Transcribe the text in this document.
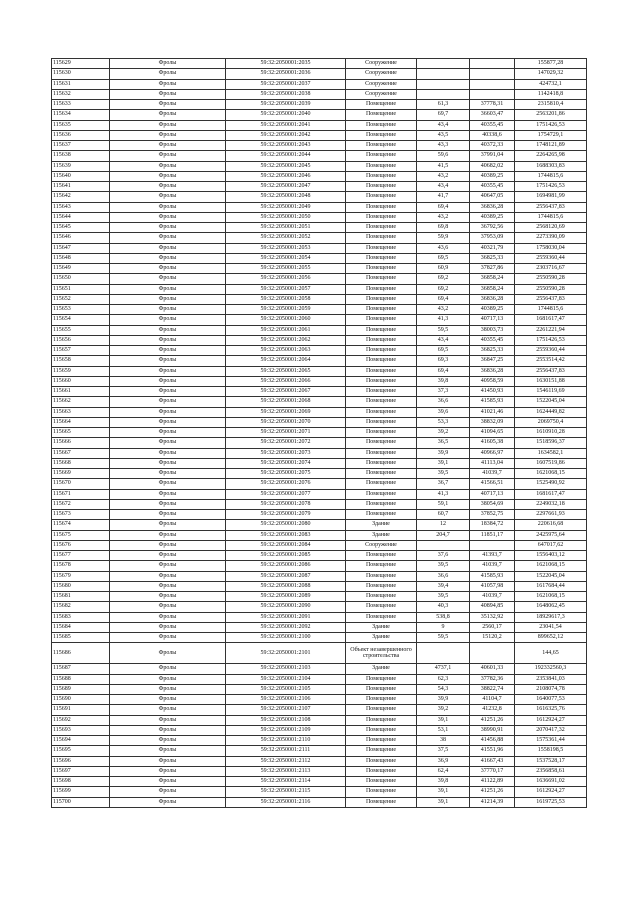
115629	Фролы	59:32:2050001:2035	Сооружение			155877,28
115630	Фролы	59:32:2050001:2036	Сооружение			147029,32
115631	Фролы	59:32:2050001:2037	Сооружение			424732,1
115632	Фролы	59:32:2050001:2038	Сооружение			1142418,8
115633	Фролы	59:32:2050001:2039	Помещение	61,3	37778,31	2315810,4
115634	Фролы	59:32:2050001:2040	Помещение	69,7	36603,47	2563201,86
115635	Фролы	59:32:2050001:2041	Помещение	43,4	40355,45	1751426,53
115636	Фролы	59:32:2050001:2042	Помещение	43,5	40338,6	1754729,1
115637	Фролы	59:32:2050001:2043	Помещение	43,3	40372,33	1748121,89
115638	Фролы	59:32:2050001:2044	Помещение	59,6	37991,04	2264265,98
115639	Фролы	59:32:2050001:2045	Помещение	41,5	40682,02	1688303,83
115640	Фролы	59:32:2050001:2046	Помещение	43,2	40389,25	1744815,6
115641	Фролы	59:32:2050001:2047	Помещение	43,4	40355,45	1751426,53
115642	Фролы	59:32:2050001:2048	Помещение	41,7	40647,05	1694981,99
115643	Фролы	59:32:2050001:2049	Помещение	69,4	36836,28	2556437,83
115644	Фролы	59:32:2050001:2050	Помещение	43,2	40389,25	1744815,6
115645	Фролы	59:32:2050001:2051	Помещение	69,8	36792,56	2568120,69
115646	Фролы	59:32:2050001:2052	Помещение	59,9	37953,09	2273390,09
115647	Фролы	59:32:2050001:2053	Помещение	43,6	40321,79	1758030,04
115648	Фролы	59:32:2050001:2054	Помещение	69,5	36825,33	2559360,44
115649	Фролы	59:32:2050001:2055	Помещение	60,9	37827,86	2303716,67
115650	Фролы	59:32:2050001:2056	Помещение	69,2	36858,24	2550590,28
115651	Фролы	59:32:2050001:2057	Помещение	69,2	36858,24	2550590,28
115652	Фролы	59:32:2050001:2058	Помещение	69,4	36836,28	2556437,83
115653	Фролы	59:32:2050001:2059	Помещение	43,2	40389,25	1744815,6
115654	Фролы	59:32:2050001:2060	Помещение	41,3	40717,13	1681617,47
115655	Фролы	59:32:2050001:2061	Помещение	59,5	38003,73	2261221,94
115656	Фролы	59:32:2050001:2062	Помещение	43,4	40355,45	1751426,53
115657	Фролы	59:32:2050001:2063	Помещение	69,5	36825,33	2559360,44
115658	Фролы	59:32:2050001:2064	Помещение	69,3	36847,25	2553514,42
115659	Фролы	59:32:2050001:2065	Помещение	69,4	36836,28	2556437,83
115660	Фролы	59:32:2050001:2066	Помещение	39,8	40958,59	1630151,88
115661	Фролы	59:32:2050001:2067	Помещение	37,3	41450,93	1546119,69
115662	Фролы	59:32:2050001:2068	Помещение	36,6	41585,93	1522045,04
115663	Фролы	59:32:2050001:2069	Помещение	39,6	41021,46	1624449,82
115664	Фролы	59:32:2050001:2070	Помещение	53,3	38832,09	2069750,4
115665	Фролы	59:32:2050001:2071	Помещение	39,2	41094,65	1610910,28
115666	Фролы	59:32:2050001:2072	Помещение	36,5	41605,38	1518596,37
115667	Фролы	59:32:2050001:2073	Помещение	39,9	40966,97	1634582,1
115668	Фролы	59:32:2050001:2074	Помещение	39,1	41113,04	1607519,86
115669	Фролы	59:32:2050001:2075	Помещение	39,5	41039,7	1621068,15
115670	Фролы	59:32:2050001:2076	Помещение	36,7	41566,51	1525490,92
115671	Фролы	59:32:2050001:2077	Помещение	41,3	40717,13	1681617,47
115672	Фролы	59:32:2050001:2078	Помещение	59,1	38054,69	2249032,18
115673	Фролы	59:32:2050001:2079	Помещение	60,7	37852,75	2297661,93
115674	Фролы	59:32:2050001:2080	Здание	12	18384,72	220616,68
115675	Фролы	59:32:2050001:2083	Здание	204,7	11851,17	2425975,64
115676	Фролы	59:32:2050001:2084	Сооружение			647017,62
115677	Фролы	59:32:2050001:2085	Помещение	37,6	41393,7	1556403,12
115678	Фролы	59:32:2050001:2086	Помещение	39,5	41039,7	1621068,15
115679	Фролы	59:32:2050001:2087	Помещение	36,6	41585,93	1522045,04
115680	Фролы	59:32:2050001:2088	Помещение	39,4	41057,98	1617684,44
115681	Фролы	59:32:2050001:2089	Помещение	39,5	41039,7	1621068,15
115682	Фролы	59:32:2050001:2090	Помещение	40,3	40894,85	1648062,45
115683	Фролы	59:32:2050001:2091	Помещение	538,8	35132,92	18929617,3
115684	Фролы	59:32:2050001:2092	Здание	9	2560,17	23041,54
115685	Фролы	59:32:2050001:2100	Здание	59,5	15120,2	899652,12
115686	Фролы	59:32:2050001:2101	Объект незавершенного строительства			144,65
115687	Фролы	59:32:2050001:2103	Здание	4737,1	40601,33	192332560,3
115688	Фролы	59:32:2050001:2104	Помещение	62,3	37782,36	2353841,03
115689	Фролы	59:32:2050001:2105	Помещение	54,3	38822,74	2108074,78
115690	Фролы	59:32:2050001:2106	Помещение	39,9	41104,7	1640077,53
115691	Фролы	59:32:2050001:2107	Помещение	39,2	41232,8	1616325,76
115692	Фролы	59:32:2050001:2108	Помещение	39,1	41251,26	1612924,27
115693	Фролы	59:32:2050001:2109	Помещение	53,1	38990,91	2070417,32
115694	Фролы	59:32:2050001:2110	Помещение	38	41456,88	1575361,44
115695	Фролы	59:32:2050001:2111	Помещение	37,5	41551,96	1558198,5
115696	Фролы	59:32:2050001:2112	Помещение	36,9	41667,43	1537528,17
115697	Фролы	59:32:2050001:2113	Помещение	62,4	37770,17	2356858,61
115698	Фролы	59:32:2050001:2114	Помещение	39,8	41122,89	1636691,02
115699	Фролы	59:32:2050001:2115	Помещение	39,1	41251,26	1612924,27
115700	Фролы	59:32:2050001:2116	Помещение	39,1	41214,39	1619725,53
